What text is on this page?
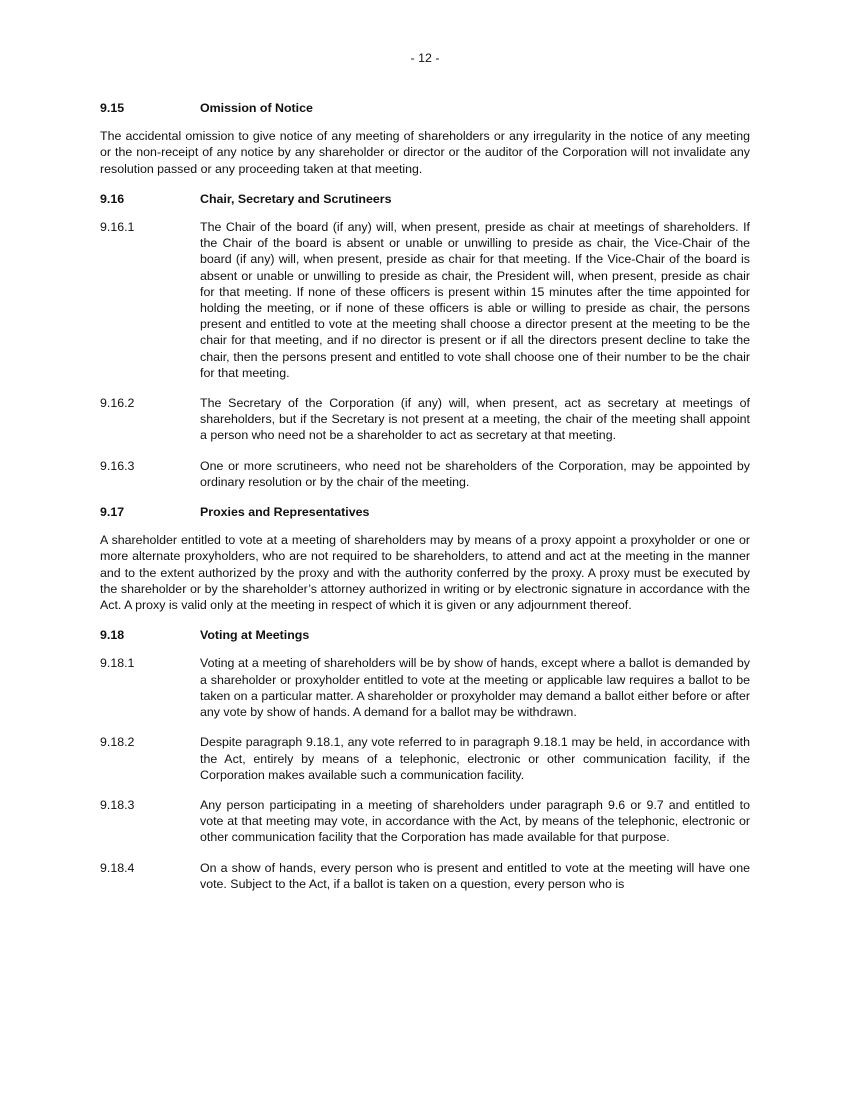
- 12 -
9.15	Omission of Notice

The accidental omission to give notice of any meeting of shareholders or any irregularity in the notice of any meeting or the non-receipt of any notice by any shareholder or director or the auditor of the Corporation will not invalidate any resolution passed or any proceeding taken at that meeting.

9.16	Chair, Secretary and Scrutineers
9.16.1	The Chair of the board (if any) will, when present, preside as chair at meetings of shareholders. If the Chair of the board is absent or unable or unwilling to preside as chair, the Vice-Chair of the board (if any) will, when present, preside as chair for that meeting. If the Vice-Chair of the board is absent or unable or unwilling to preside as chair, the President will, when present, preside as chair for that meeting. If none of these officers is present within 15 minutes after the time appointed for holding the meeting, or if none of these officers is able or willing to preside as chair, the persons present and entitled to vote at the meeting shall choose a director present at the meeting to be the chair for that meeting, and if no director is present or if all the directors present decline to take the chair, then the persons present and entitled to vote shall choose one of their number to be the chair for that meeting.
9.16.2	The Secretary of the Corporation (if any) will, when present, act as secretary at meetings of shareholders, but if the Secretary is not present at a meeting, the chair of the meeting shall appoint a person who need not be a shareholder to act as secretary at that meeting.
9.16.3	One or more scrutineers, who need not be shareholders of the Corporation, may be appointed by ordinary resolution or by the chair of the meeting.
9.17	Proxies and Representatives

A shareholder entitled to vote at a meeting of shareholders may by means of a proxy appoint a proxyholder or one or more alternate proxyholders, who are not required to be shareholders, to attend and act at the meeting in the manner and to the extent authorized by the proxy and with the authority conferred by the proxy. A proxy must be executed by the shareholder or by the shareholder’s attorney authorized in writing or by electronic signature in accordance with the Act. A proxy is valid only at the meeting in respect of which it is given or any adjournment thereof.

9.18	Voting at Meetings
9.18.1	Voting at a meeting of shareholders will be by show of hands, except where a ballot is demanded by a shareholder or proxyholder entitled to vote at the meeting or applicable law requires a ballot to be taken on a particular matter. A shareholder or proxyholder may demand a ballot either before or after any vote by show of hands. A demand for a ballot may be withdrawn.
9.18.2	Despite paragraph 9.18.1, any vote referred to in paragraph 9.18.1 may be held, in accordance with the Act, entirely by means of a telephonic, electronic or other communication facility, if the Corporation makes available such a communication facility.
9.18.3	Any person participating in a meeting of shareholders under paragraph 9.6 or 9.7 and entitled to vote at that meeting may vote, in accordance with the Act, by means of the telephonic, electronic or other communication facility that the Corporation has made available for that purpose.
9.18.4	On a show of hands, every person who is present and entitled to vote at the meeting will have one vote. Subject to the Act, if a ballot is taken on a question, every person who is
